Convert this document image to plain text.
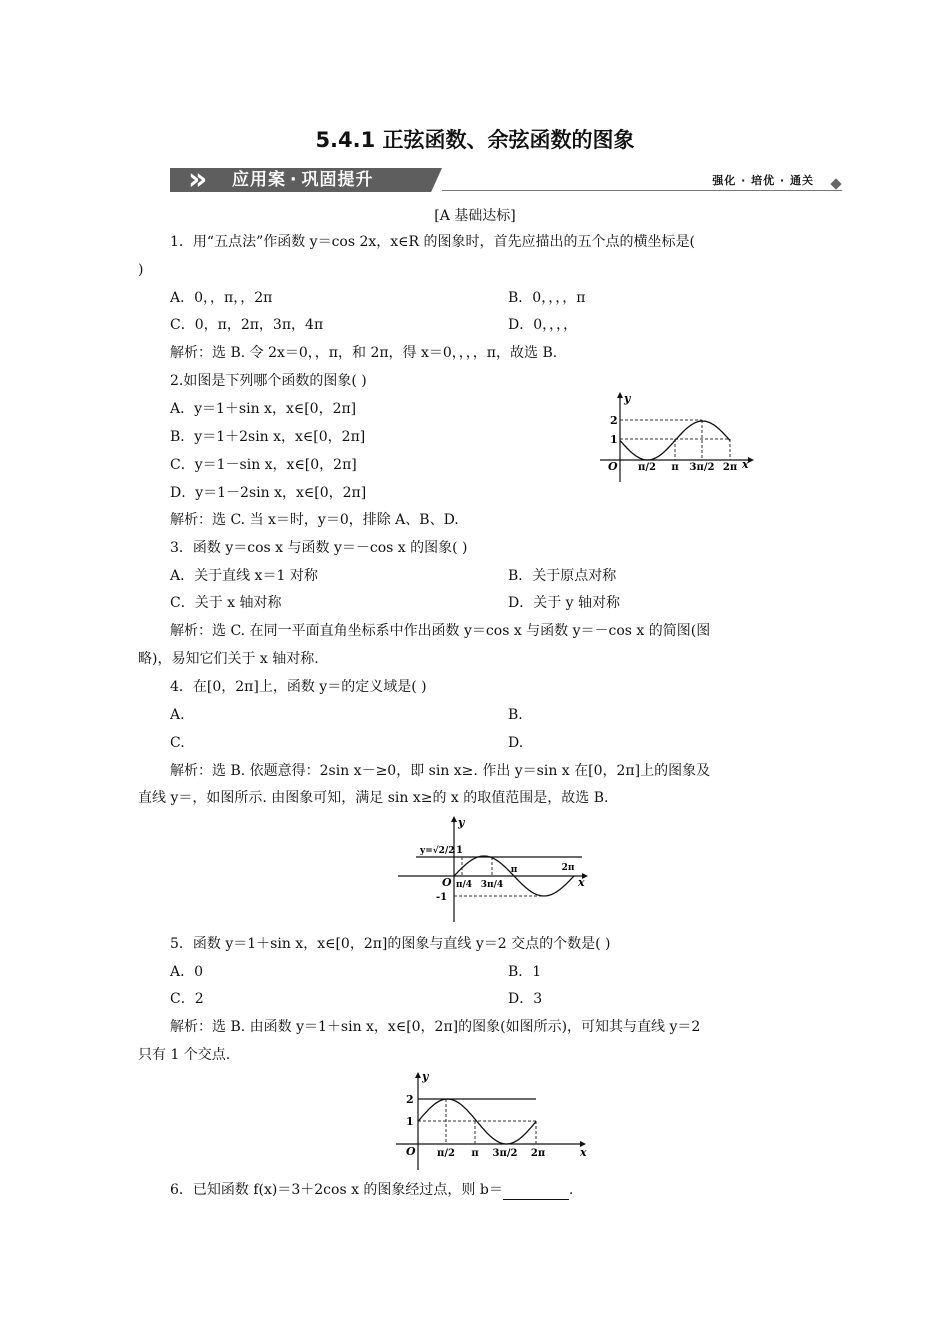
5.4.1 正弦函数、余弦函数的图象
» 应用案 · 巩固提升	强化 · 培优 · 通关
[A 基础达标]
1．用“五点法”作函数 y＝cos 2x，x∈R 的图象时，首先应描出的五个点的横坐标是(
)
A．0，，π，，2π	B．0，，，，π
C．0，π，2π，3π，4π	D．0，，，，
解析：选 B. 令 2x＝0，，π，和 2π，得 x＝0，，，，π，故选 B.
2.如图是下列哪个函数的图象( )
A．y＝1＋sin x，x∈[0，2π]
B．y＝1＋2sin x，x∈[0，2π]
C．y＝1－sin x，x∈[0，2π]
D．y＝1－2sin x，x∈[0，2π]
解析：选 C. 当 x＝时，y＝0，排除 A、B、D.
y
x
O
1
2
π/2 π 3π/2 2π
3．函数 y＝cos x 与函数 y＝－cos x 的图象( )
A．关于直线 x＝1 对称	B．关于原点对称
C．关于 x 轴对称	D．关于 y 轴对称
解析：选 C. 在同一平面直角坐标系中作出函数 y＝cos x 与函数 y＝－cos x 的简图(图
略)，易知它们关于 x 轴对称.
4．在[0，2π]上，函数 y＝的定义域是( )
A.	B.
C.	D.
解析：选 B. 依题意得：2sin x－≥0，即 sin x≥. 作出 y＝sin x 在[0，2π]上的图象及
直线 y＝，如图所示. 由图象可知，满足 sin x≥的 x 的取值范围是，故选 B.
y
x
O
y=√2/2 1
-1
π/4
π
3π/4
2π
5．函数 y＝1＋sin x，x∈[0，2π]的图象与直线 y＝2 交点的个数是( )
A．0	B．1
C．2	D．3
解析：选 B. 由函数 y＝1＋sin x，x∈[0，2π]的图象(如图所示)，可知其与直线 y＝2
只有 1 个交点.
y
x
O
1
2
π/2 π 3π/2 2π
6．已知函数 f(x)＝3＋2cos x 的图象经过点，则 b＝	.
